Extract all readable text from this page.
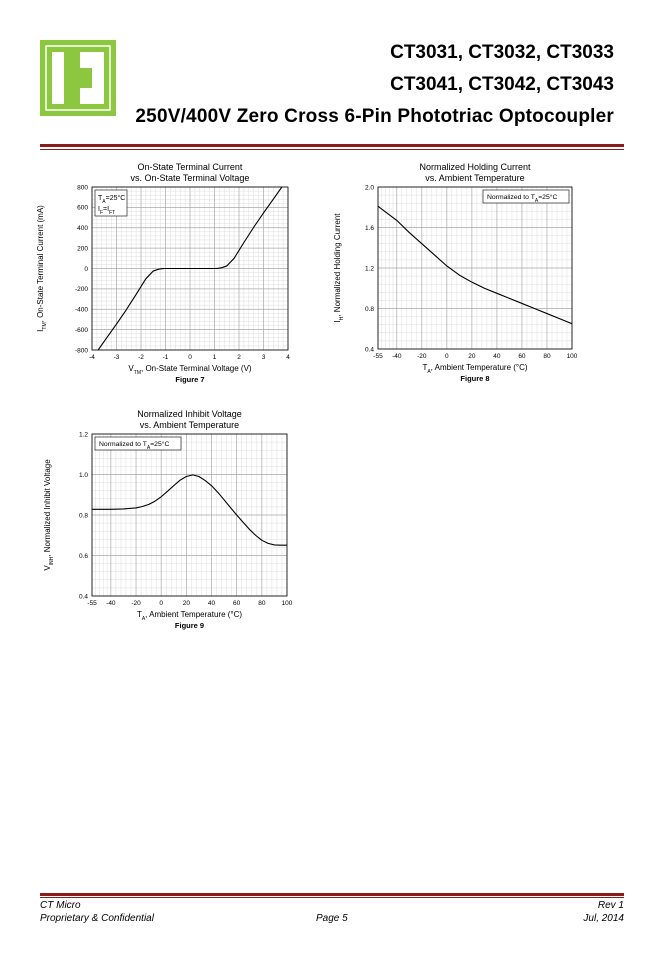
CT3031, CT3032, CT3033
CT3041, CT3042, CT3043
250V/400V Zero Cross 6-Pin Phototriac Optocoupler
On-State Terminal Current
vs. On-State Terminal Voltage
-4	-3	-2	-1	0	1	2	3	4
-800
-600
-400
-200
0
200
400
600
800
$T_A=25^\circ C$
$I_F=I_{FT}$
$V_{TM}$, On-State Terminal Voltage (V)
$I_{TM}$, On-State Terminal Current (mA)
Figure 7
Normalized Holding Current
vs. Ambient Temperature
-55 -40 -20	0	20	40	60	80 100
0.4
0.8
1.2
1.6
2.0
Normalized to $T_A=25^\circ C$
$T_A$, Ambient Temperature (°C)
$I_H$, Normalized Holding Current
Figure 8
Normalized Inhibit Voltage
vs. Ambient Temperature
-55 -40 -20	0	20	40	60	80 100
0.4
0.6
0.8
1.0
1.2
Normalized to $T_A=25^\circ C$
$T_A$, Ambient Temperature (°C)
$V_{INH}$, Normalized Inhibit Voltage
Figure 9
CT Micro
Proprietary & Confidential	Page 5
Rev 1
Jul, 2014
